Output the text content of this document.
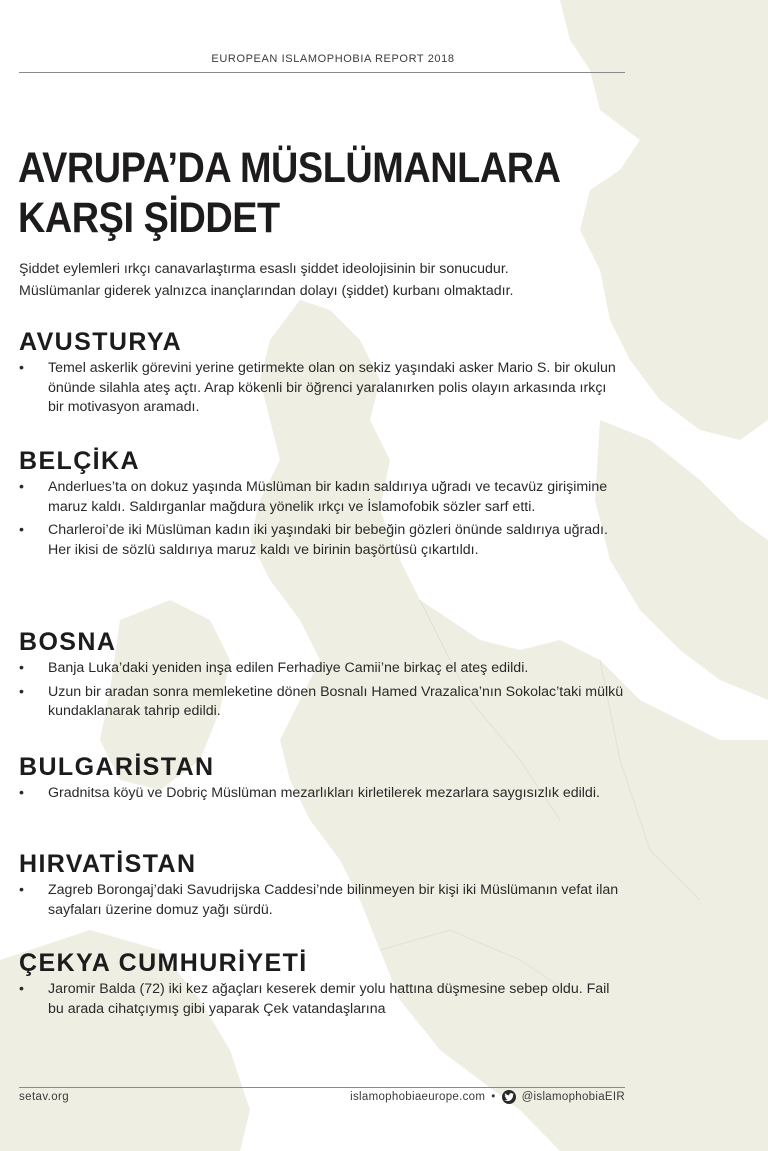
EUROPEAN ISLAMOPHOBIA REPORT 2018
AVRUPA’DA MÜSLÜMANLARA
KARŞI ŞİDDET

Şiddet eylemleri ırkçı canavarlaştırma esaslı şiddet ideolojisinin bir sonucudur.
Müslümanlar giderek yalnızca inançlarından dolayı (şiddet) kurbanı olmaktadır.

AVUSTURYA
• Temel askerlik görevini yerine getirmekte olan on sekiz yaşındaki asker Mario S. bir okulun önünde silahla ateş açtı. Arap kökenli bir öğrenci yaralanırken polis olayın arkasında ırkçı bir motivasyon aramadı.
BELÇİKA
• Anderlues’ta on dokuz yaşında Müslüman bir kadın saldırıya uğradı ve tecavüz girişimine maruz kaldı. Saldırganlar mağdura yönelik ırkçı ve İslamofobik sözler sarf etti.
• Charleroi’de iki Müslüman kadın iki yaşındaki bir bebeğin gözleri önünde saldırıya uğradı. Her ikisi de sözlü saldırıya maruz kaldı ve birinin başörtüsü çıkartıldı.
BOSNA
• Banja Luka’daki yeniden inşa edilen Ferhadiye Camii’ne birkaç el ateş edildi.
• Uzun bir aradan sonra memleketine dönen Bosnalı Hamed Vrazalica’nın Sokolac’taki mülkü kundaklanarak tahrip edildi.
BULGARİSTAN
• Gradnitsa köyü ve Dobriç Müslüman mezarlıkları kirletilerek mezarlara saygısızlık edildi.
HIRVATİSTAN
• Zagreb Borongaj’daki Savudrijska Caddesi’nde bilinmeyen bir kişi iki Müslümanın vefat ilan sayfaları üzerine domuz yağı sürdü.
ÇEKYA CUMHURİYETİ
• Jaromir Balda (72) iki kez ağaçları keserek demir yolu hattına düşmesine sebep oldu. Fail bu arada cihatçıymış gibi yaparak Çek vatandaşlarına
setav.org	islamophobiaeurope.com • @islamophobiaEIR
